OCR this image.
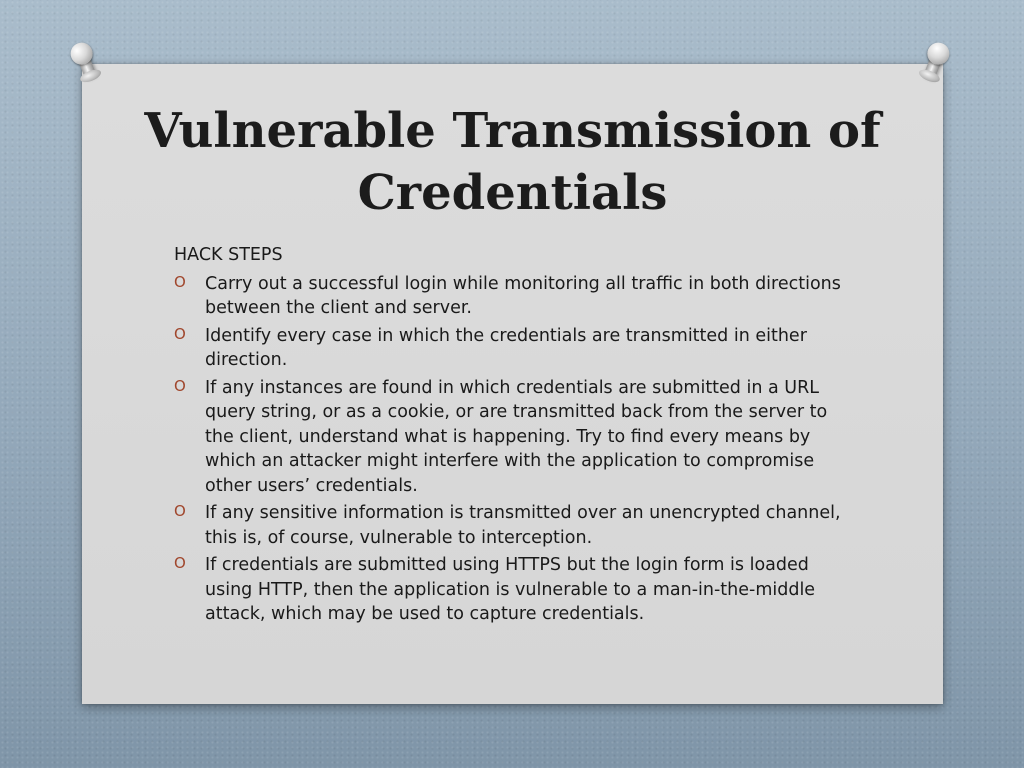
Vulnerable Transmission of
Credentials
HACK STEPS
O Carry out a successful login while monitoring all traffic in both directions between the client and server.
O Identify every case in which the credentials are transmitted in either direction.
O If any instances are found in which credentials are submitted in a URL query string, or as a cookie, or are transmitted back from the server to the client, understand what is happening. Try to find every means by which an attacker might interfere with the application to compromise other users’ credentials.
O If any sensitive information is transmitted over an unencrypted channel, this is, of course, vulnerable to interception.
O If credentials are submitted using HTTPS but the login form is loaded using HTTP, then the application is vulnerable to a man-in-the-middle attack, which may be used to capture credentials.
